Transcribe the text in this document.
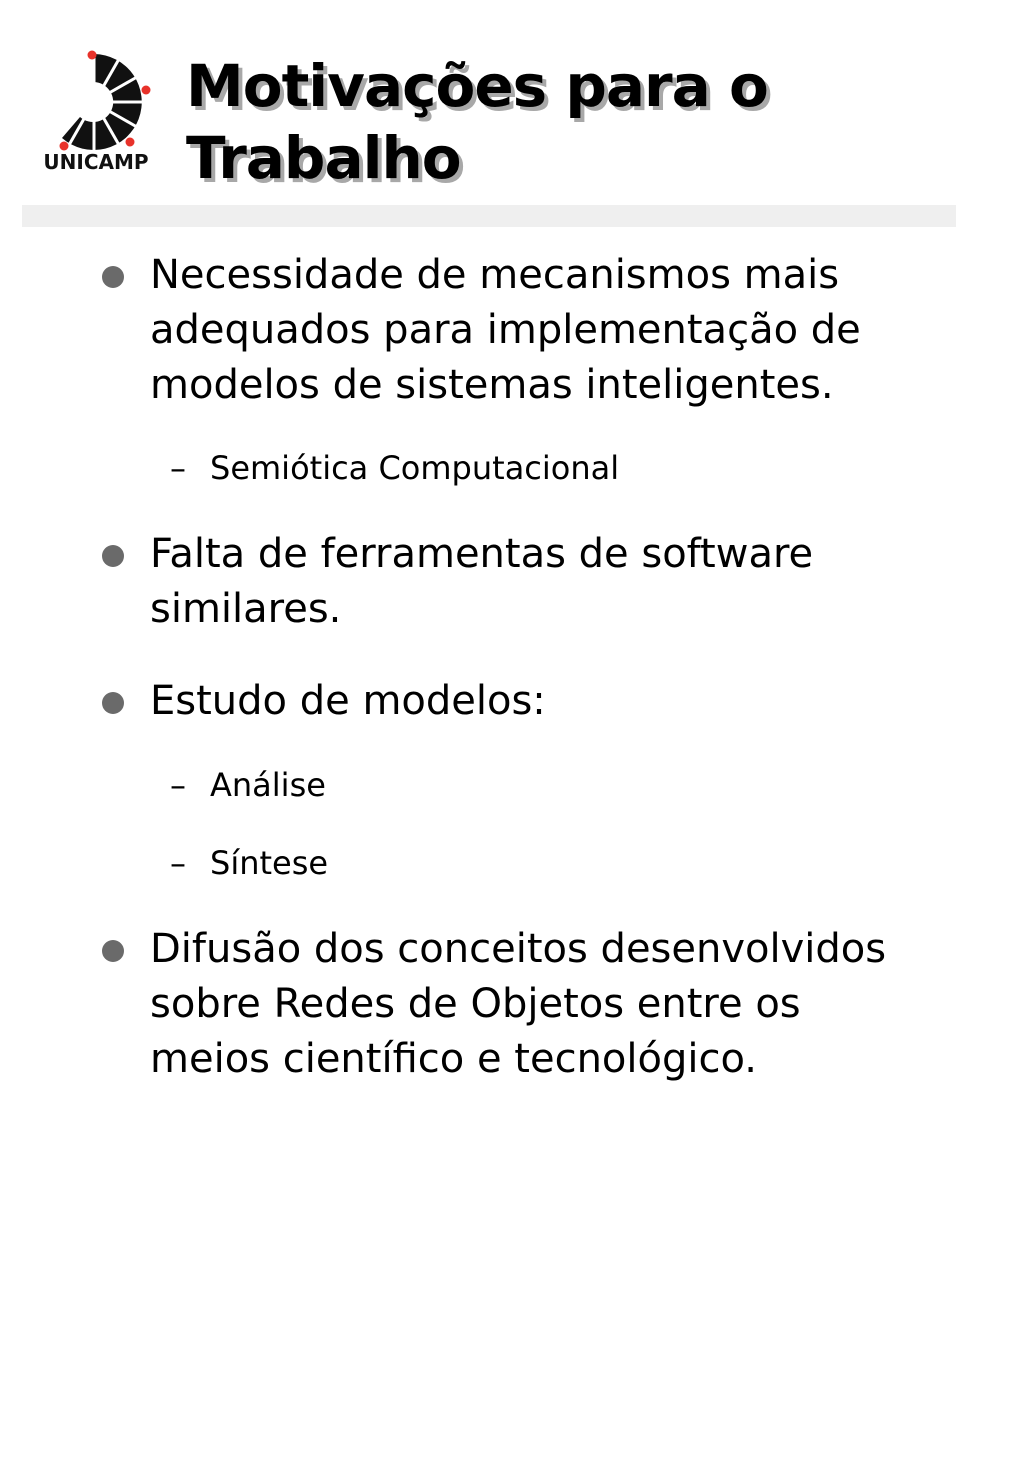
UNICAMP
Motivações para o Trabalho
Necessidade de mecanismos mais adequados para implementação de modelos de sistemas inteligentes.
– Semiótica Computacional
Falta de ferramentas de software similares.
Estudo de modelos:
– Análise
– Síntese
Difusão dos conceitos desenvolvidos sobre Redes de Objetos entre os meios científico e tecnológico.
